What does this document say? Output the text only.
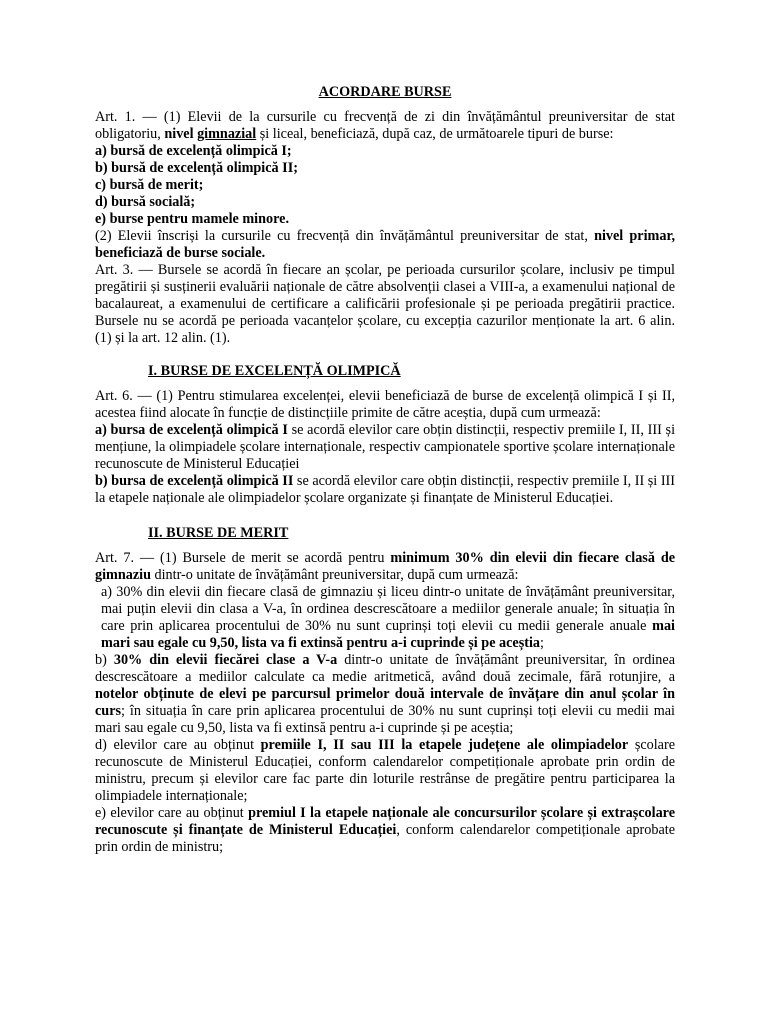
ACORDARE BURSE

Art. 1. — (1) Elevii de la cursurile cu frecvență de zi din învățământul preuniversitar de stat obligatoriu, nivel gimnazial și liceal, beneficiază, după caz, de următoarele tipuri de burse:

a) bursă de excelență olimpică I;

b) bursă de excelență olimpică II;

c) bursă de merit;

d) bursă socială;

e) burse pentru mamele minore.

(2) Elevii înscriși la cursurile cu frecvență din învățământul preuniversitar de stat, nivel primar, beneficiază de burse sociale.

Art. 3. — Bursele se acordă în fiecare an școlar, pe perioada cursurilor școlare, inclusiv pe timpul pregătirii și susținerii evaluării naționale de către absolvenții clasei a VIII-a, a examenului național de bacalaureat, a examenului de certificare a calificării profesionale și pe perioada pregătirii practice. Bursele nu se acordă pe perioada vacanțelor școlare, cu excepția cazurilor menționate la art. 6 alin. (1) și la art. 12 alin. (1).

I. BURSE DE EXCELENȚĂ OLIMPICĂ

Art. 6. — (1) Pentru stimularea excelenței, elevii beneficiază de burse de excelență olimpică I și II, acestea fiind alocate în funcție de distincțiile primite de către aceștia, după cum urmează:

a) bursa de excelență olimpică I se acordă elevilor care obțin distincții, respectiv premiile I, II, III și mențiune, la olimpiadele școlare internaționale, respectiv campionatele sportive școlare internaționale recunoscute de Ministerul Educației

b) bursa de excelență olimpică II se acordă elevilor care obțin distincții, respectiv premiile I, II și III la etapele naționale ale olimpiadelor școlare organizate și finanțate de Ministerul Educației.

II. BURSE DE MERIT

Art. 7. — (1) Bursele de merit se acordă pentru minimum 30% din elevii din fiecare clasă de gimnaziu dintr-o unitate de învățământ preuniversitar, după cum urmează:

a) 30% din elevii din fiecare clasă de gimnaziu și liceu dintr-o unitate de învățământ preuniversitar, mai puțin elevii din clasa a V-a, în ordinea descrescătoare a mediilor generale anuale; în situația în care prin aplicarea procentului de 30% nu sunt cuprinși toți elevii cu medii generale anuale mai mari sau egale cu 9,50, lista va fi extinsă pentru a-i cuprinde și pe aceștia;

b) 30% din elevii fiecărei clase a V-a dintr-o unitate de învățământ preuniversitar, în ordinea descrescătoare a mediilor calculate ca medie aritmetică, având două zecimale, fără rotunjire, a notelor obținute de elevi pe parcursul primelor două intervale de învățare din anul școlar în curs; în situația în care prin aplicarea procentului de 30% nu sunt cuprinși toți elevii cu medii mai mari sau egale cu 9,50, lista va fi extinsă pentru a-i cuprinde și pe aceștia;

d) elevilor care au obținut premiile I, II sau III la etapele județene ale olimpiadelor școlare recunoscute de Ministerul Educației, conform calendarelor competiționale aprobate prin ordin de ministru, precum și elevilor care fac parte din loturile restrânse de pregătire pentru participarea la olimpiadele internaționale;

e) elevilor care au obținut premiul I la etapele naționale ale concursurilor școlare și extrașcolare recunoscute și finanțate de Ministerul Educației, conform calendarelor competiționale aprobate prin ordin de ministru;
